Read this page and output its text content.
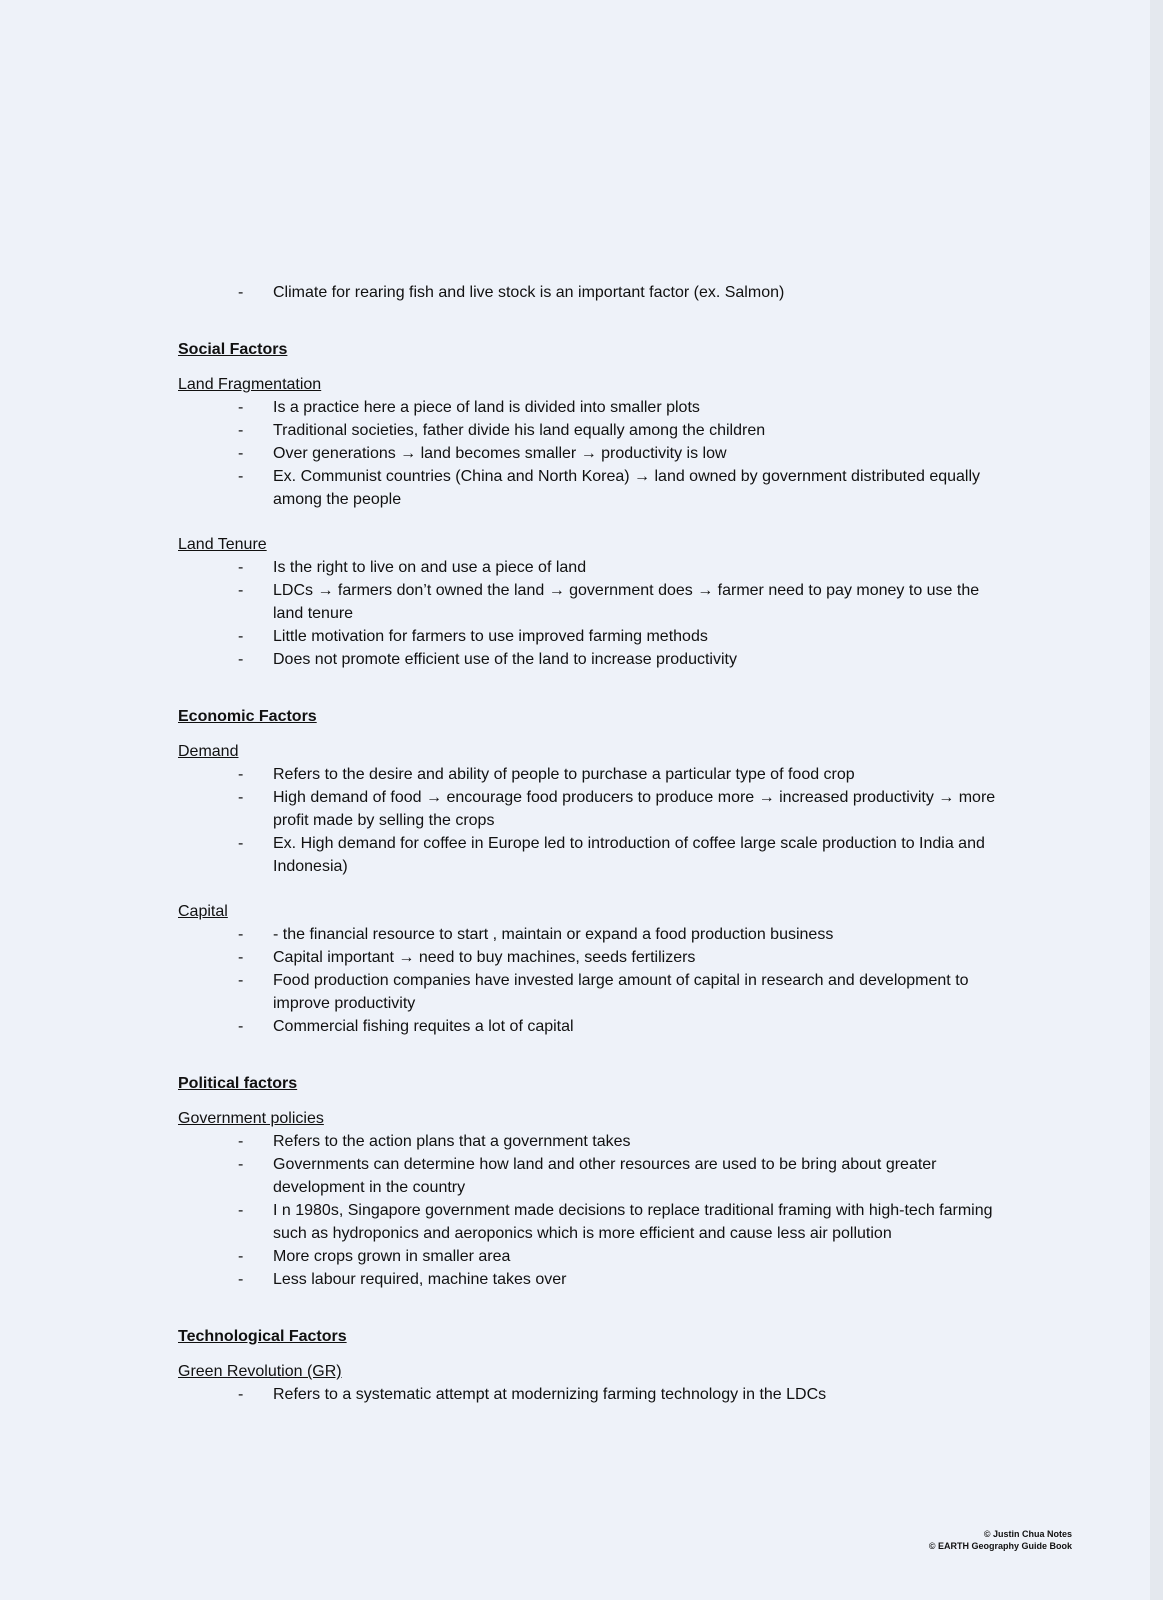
- Climate for rearing fish and live stock is an important factor (ex. Salmon)
Social Factors
Land Fragmentation
- Is a practice here a piece of land is divided into smaller plots
- Traditional societies, father divide his land equally among the children
- Over generations → land becomes smaller → productivity is low
- Ex. Communist countries (China and North Korea) → land owned by government distributed equally among the people
Land Tenure
- Is the right to live on and use a piece of land
- LDCs → farmers don’t owned the land → government does → farmer need to pay money to use the land tenure
- Little motivation for farmers to use improved farming methods
- Does not promote efficient use of the land to increase productivity
Economic Factors
Demand
- Refers to the desire and ability of people to purchase a particular type of food crop
- High demand of food → encourage food producers to produce more → increased productivity → more profit made by selling the crops
- Ex. High demand for coffee in Europe led to introduction of coffee large scale production to India and Indonesia)
Capital
- - the financial resource to start , maintain or expand a food production business
- Capital important → need to buy machines, seeds fertilizers
- Food production companies have invested large amount of capital in research and development to improve productivity
- Commercial fishing requites a lot of capital
Political factors
Government policies
- Refers to the action plans that a government takes
- Governments can determine how land and other resources are used to be bring about greater development in the country
- I n 1980s, Singapore government made decisions to replace traditional framing with high-tech farming such as hydroponics and aeroponics which is more efficient and cause less air pollution
- More crops grown in smaller area
- Less labour required, machine takes over
Technological Factors
Green Revolution (GR)
- Refers to a systematic attempt at modernizing farming technology in the LDCs
© Justin Chua Notes
© EARTH Geography Guide Book
